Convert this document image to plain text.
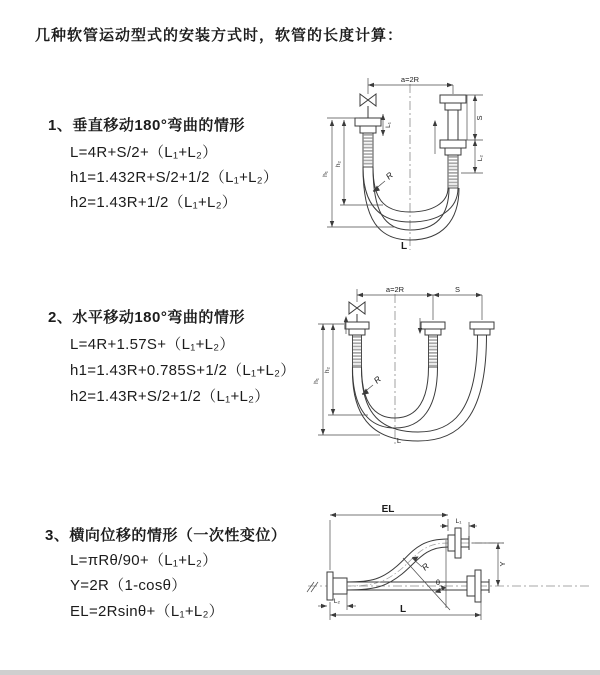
几种软管运动型式的安装方式时，软管的长度计算：
1、垂直移动180°弯曲的情形
L=4R+S/2+（L₁+L₂）
h1=1.432R+S/2+1/2（L₁+L₂）
h2=1.43R+1/2（L₁+L₂）
a=2R
L₁
S
L₂
h₂
h₁	R
L
2、水平移动180°弯曲的情形
L=4R+1.57S+（L₁+L₂）
h1=1.43R+0.785S+1/2（L₁+L₂）
h2=1.43R+S/2+1/2（L₁+L₂）
a=2R	S
h₁
h₂
R
L
3、横向位移的情形（一次性变位）
L=πRθ/90+（L₁+L₂）
Y=2R（1-cosθ）
EL=2Rsinθ+（L₁+L₂）
EL
L₁
Y
θ
R
L
L₂
